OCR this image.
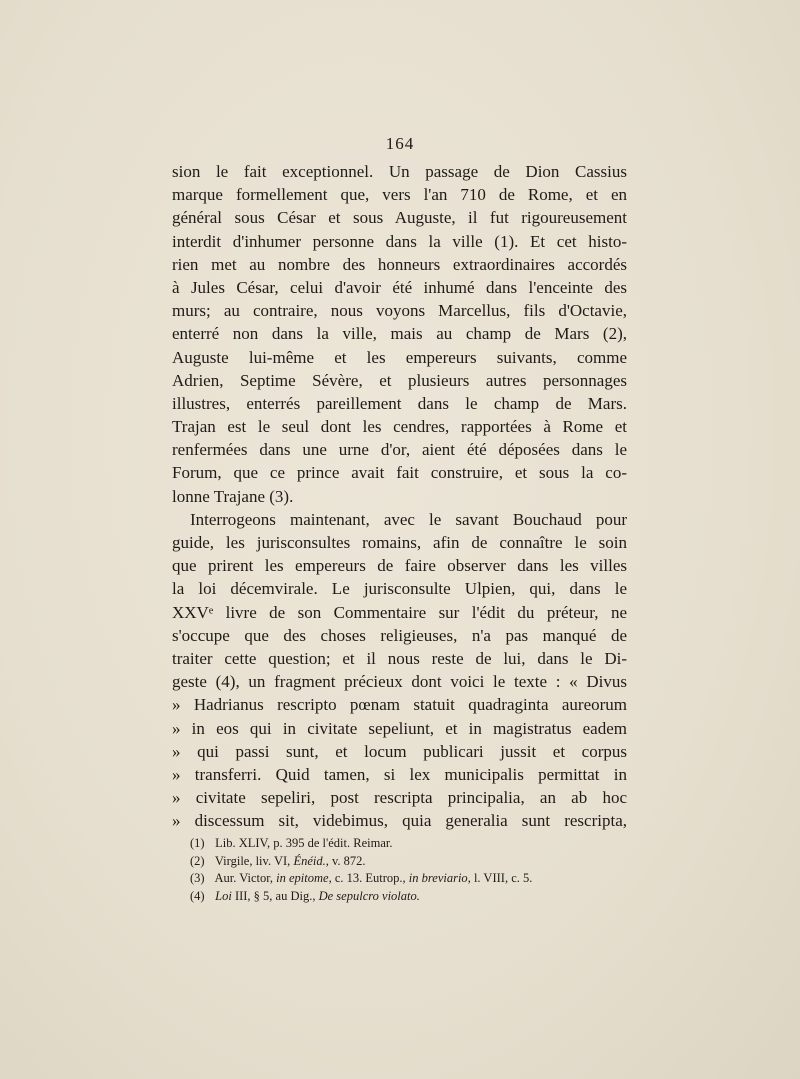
164
sion le fait exceptionnel. Un passage de Dion Cassius
marque formellement que, vers l'an 710 de Rome, et en
général sous César et sous Auguste, il fut rigoureusement
interdit d'inhumer personne dans la ville (1). Et cet histo-
rien met au nombre des honneurs extraordinaires accordés
à Jules César, celui d'avoir été inhumé dans l'enceinte des
murs; au contraire, nous voyons Marcellus, fils d'Octavie,
enterré non dans la ville, mais au champ de Mars (2),
Auguste lui-même et les empereurs suivants, comme
Adrien, Septime Sévère, et plusieurs autres personnages
illustres, enterrés pareillement dans le champ de Mars.
Trajan est le seul dont les cendres, rapportées à Rome et
renfermées dans une urne d'or, aient été déposées dans le
Forum, que ce prince avait fait construire, et sous la co-
lonne Trajane (3).
Interrogeons maintenant, avec le savant Bouchaud pour
guide, les jurisconsultes romains, afin de connaître le soin
que prirent les empereurs de faire observer dans les villes
la loi décemvirale. Le jurisconsulte Ulpien, qui, dans le
XXVᵉ livre de son Commentaire sur l'édit du préteur, ne
s'occupe que des choses religieuses, n'a pas manqué de
traiter cette question; et il nous reste de lui, dans le Di-
geste (4), un fragment précieux dont voici le texte : « Divus
» Hadrianus rescripto pœnam statuit quadraginta aureorum
» in eos qui in civitate sepeliunt, et in magistratus eadem
» qui passi sunt, et locum publicari jussit et corpus
» transferri. Quid tamen, si lex municipalis permittat in
» civitate sepeliri, post rescripta principalia, an ab hoc
» discessum sit, videbimus, quia generalia sunt rescripta,
(1) Lib. XLIV, p. 395 de l'édit. Reimar.
(2) Virgile, liv. VI, Énéid., v. 872.
(3) Aur. Victor, in epitome, c. 13. Eutrop., in breviario, l. VIII, c. 5.
(4) Loi III, § 5, au Dig., De sepulcro violato.
